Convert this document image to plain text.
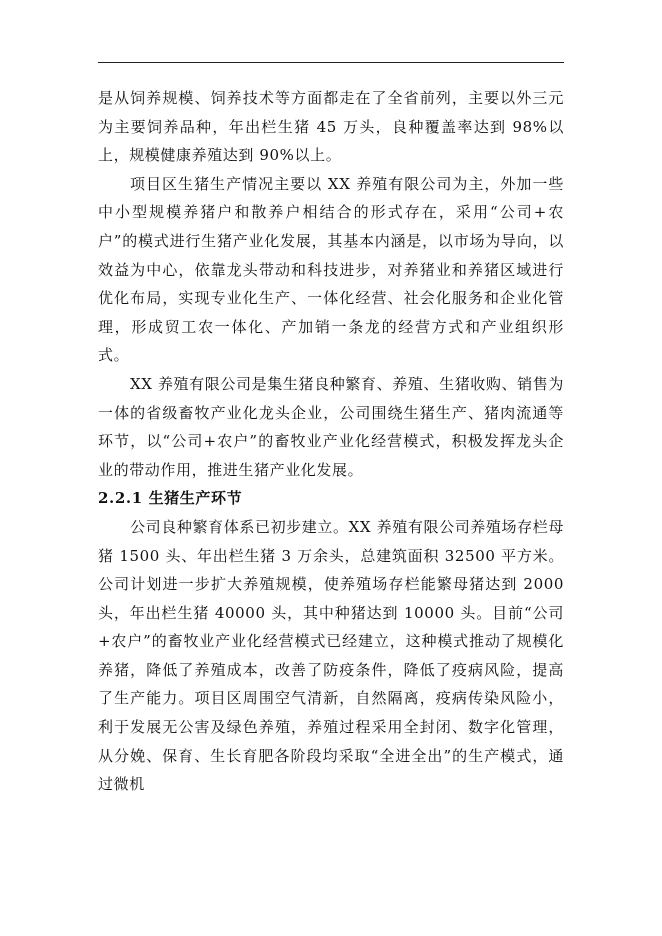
是从饲养规模、饲养技术等方面都走在了全省前列，主要以外三元为主要饲养品种，年出栏生猪 45 万头，良种覆盖率达到 98%以上，规模健康养殖达到 90%以上。

项目区生猪生产情况主要以 XX 养殖有限公司为主，外加一些中小型规模养猪户和散养户相结合的形式存在，采用“公司+农户”的模式进行生猪产业化发展，其基本内涵是，以市场为导向，以效益为中心，依靠龙头带动和科技进步，对养猪业和养猪区域进行优化布局，实现专业化生产、一体化经营、社会化服务和企业化管理，形成贸工农一体化、产加销一条龙的经营方式和产业组织形式。

XX 养殖有限公司是集生猪良种繁育、养殖、生猪收购、销售为一体的省级畜牧产业化龙头企业，公司围绕生猪生产、猪肉流通等环节，以“公司+农户”的畜牧业产业化经营模式，积极发挥龙头企业的带动作用，推进生猪产业化发展。

2.2.1 生猪生产环节

公司良种繁育体系已初步建立。XX 养殖有限公司养殖场存栏母猪 1500 头、年出栏生猪 3 万余头，总建筑面积 32500 平方米。公司计划进一步扩大养殖规模，使养殖场存栏能繁母猪达到 2000 头，年出栏生猪 40000 头，其中种猪达到 10000 头。目前“公司+农户”的畜牧业产业化经营模式已经建立，这种模式推动了规模化养猪，降低了养殖成本，改善了防疫条件，降低了疫病风险，提高了生产能力。项目区周围空气清新，自然隔离，疫病传染风险小，利于发展无公害及绿色养殖，养殖过程采用全封闭、数字化管理，从分娩、保育、生长育肥各阶段均采取“全进全出”的生产模式，通过微机
